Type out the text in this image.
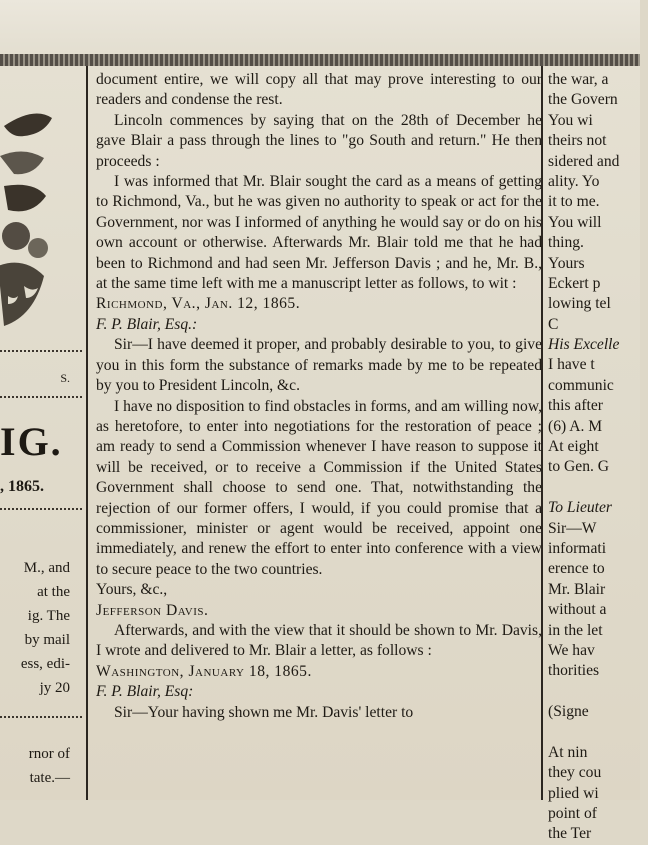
S.
IG.
, 1865.
M., and
at the
ig. The
by mail
ess, edi-
jy 20
rnor of
tate.—

document entire, we will copy all that may prove interesting to our readers and condense the rest.

Lincoln commences by saying that on the 28th of December he gave Blair a pass through the lines to "go South and return." He then proceeds :

I was informed that Mr. Blair sought the card as a means of getting to Richmond, Va., but he was given no authority to speak or act for the Government, nor was I informed of anything he would say or do on his own account or otherwise. Afterwards Mr. Blair told me that he had been to Richmond and had seen Mr. Jefferson Davis ; and he, Mr. B., at the same time left with me a manuscript letter as follows, to wit :

Richmond, Va., Jan. 12, 1865.

F. P. Blair, Esq.:

Sir—I have deemed it proper, and probably desirable to you, to give you in this form the substance of remarks made by me to be repeated by you to President Lincoln, &c.

I have no disposition to find obstacles in forms, and am willing now, as heretofore, to enter into negotiations for the restoration of peace ; am ready to send a Commission whenever I have reason to suppose it will be received, or to receive a Commission if the United States Government shall choose to send one. That, notwithstanding the rejection of our former offers, I would, if you could promise that a commissioner, minister or agent would be received, appoint one immediately, and renew the effort to enter into conference with a view to secure peace to the two countries.

Yours, &c.,

Jefferson Davis.

Afterwards, and with the view that it should be shown to Mr. Davis, I wrote and delivered to Mr. Blair a letter, as follows :

Washington, January 18, 1865.

F. P. Blair, Esq:

Sir—Your having shown me Mr. Davis' letter to

the war, a
the Govern
You wi
theirs not
sidered and
ality. Yo
it to me.
You will
thing.
Yours
Eckert p
lowing tel
C
His Excelle
I have t
communic
this after
(6) A. M
At eight
to Gen. G
To Lieuter
Sir—W
informati
erence to
Mr. Blair
without a
in the let
We hav
thorities
(Signe
At nin
they cou
plied wi
point of
the Ter
